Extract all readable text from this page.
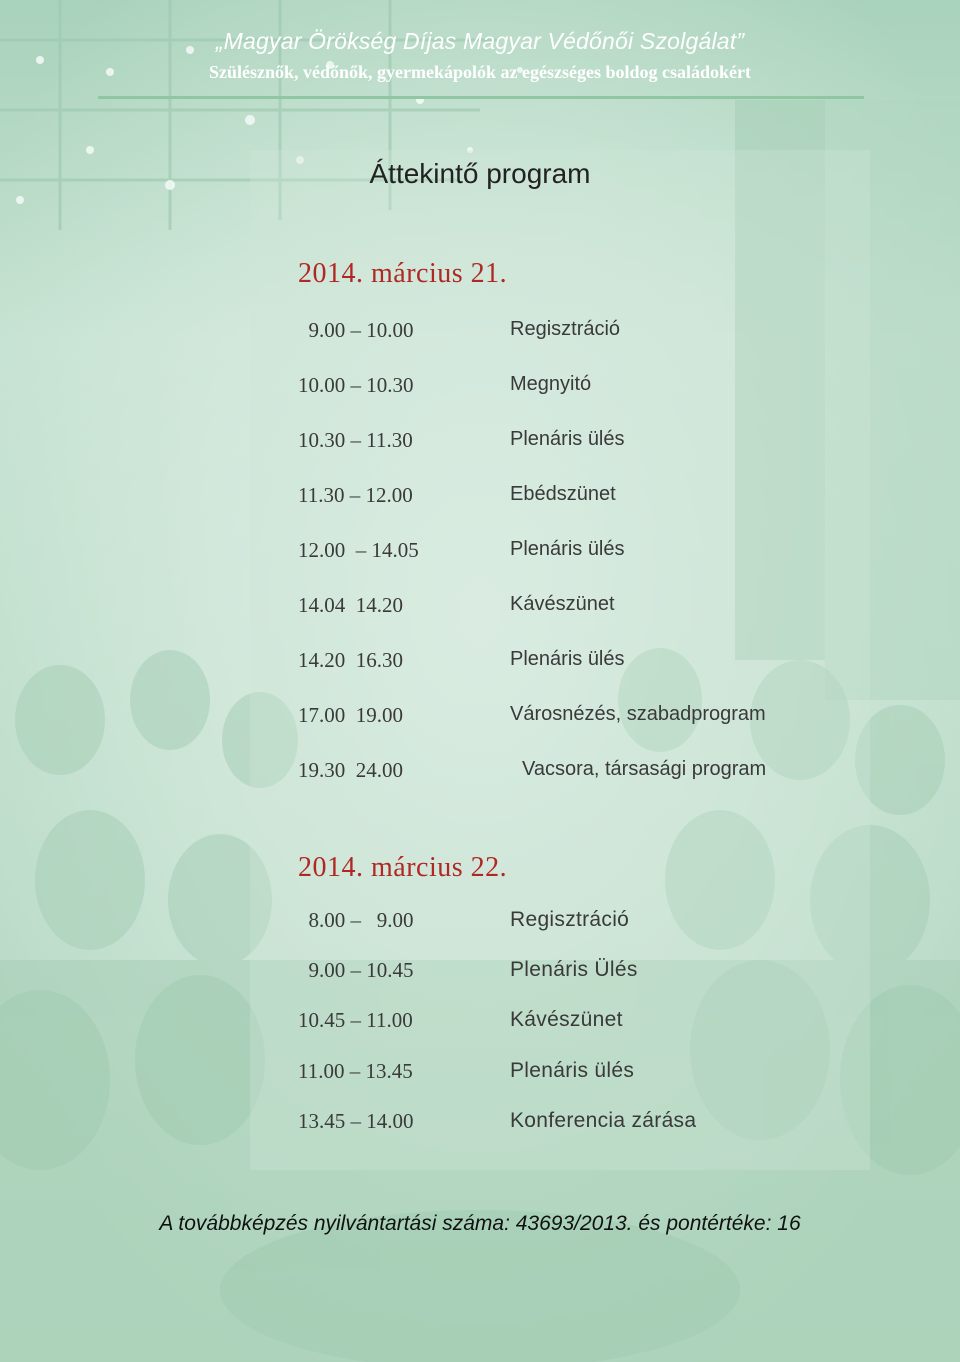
„Magyar Örökség Díjas Magyar Védőnői Szolgálat”
Szülésznők, védőnők, gyermekápolók az egészséges boldog családokért
Áttekintő program
2014. március 21.
9.00 – 10.00	Regisztráció
10.00 – 10.30	Megnyitó
10.30 – 11.30	Plenáris ülés
11.30 – 12.00	Ebédszünet
12.00  – 14.05	Plenáris ülés
14.04  14.20	Kávészünet
14.20  16.30	Plenáris ülés
17.00  19.00	Városnézés, szabadprogram
19.30  24.00	Vacsora, társasági program
2014. március 22.
8.00 –   9.00	Regisztráció
9.00 – 10.45	Plenáris Ülés
10.45 – 11.00	Kávészünet
11.00 – 13.45	Plenáris ülés
13.45 – 14.00	Konferencia zárása
A továbbképzés nyilvántartási száma: 43693/2013. és pontértéke: 16
